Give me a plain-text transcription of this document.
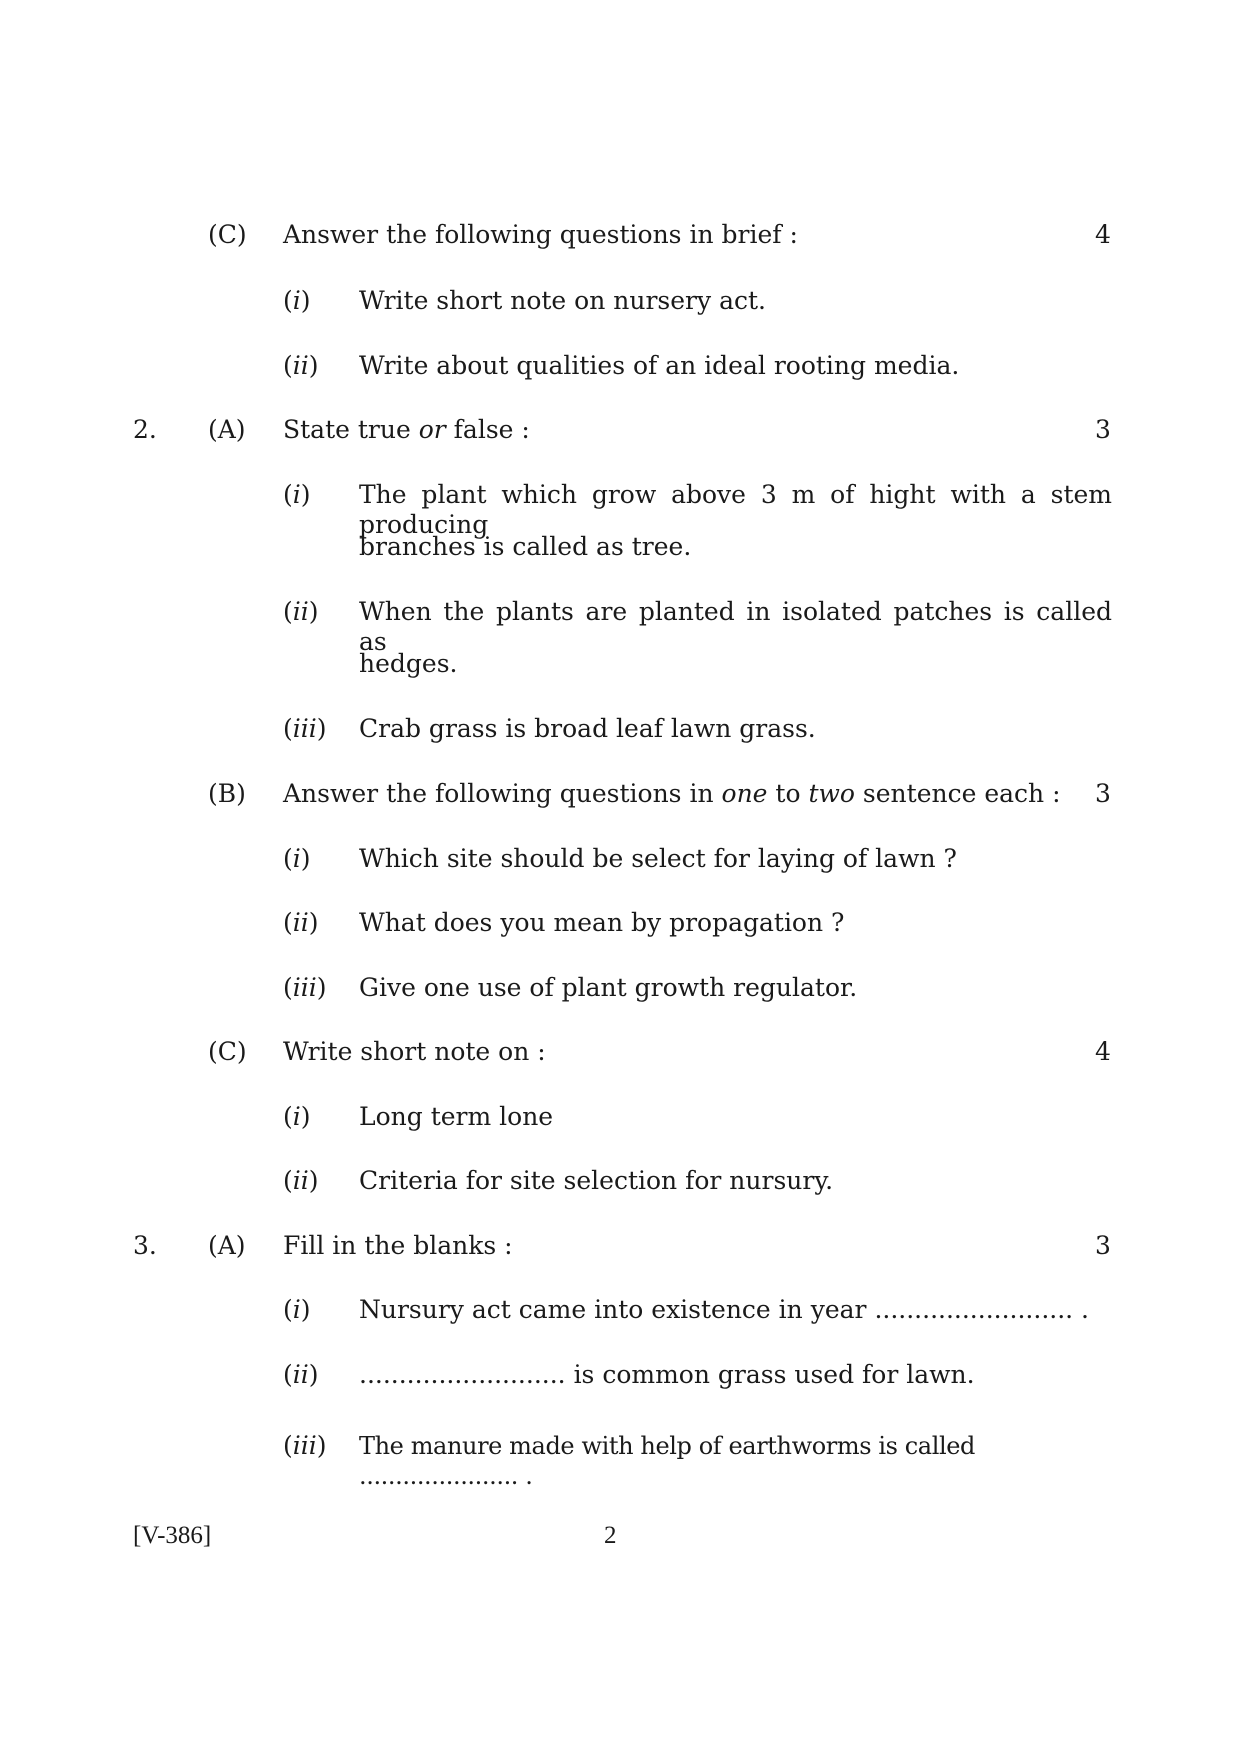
(C) Answer the following questions in brief :	4
(i) Write short note on nursery act.
(ii) Write about qualities of an ideal rooting media.
2. (A) State true or false :	3
(i) The plant which grow above 3 m of hight with a stem producing
branches is called as tree.
(ii) When the plants are planted in isolated patches is called as
hedges.
(iii) Crab grass is broad leaf lawn grass.
(B) Answer the following questions in one to two sentence each : 3
(i) Which site should be select for laying of lawn ?
(ii) What does you mean by propagation ?
(iii) Give one use of plant growth regulator.
(C) Write short note on :	4
(i) Long term lone
(ii) Criteria for site selection for nursury.
3. (A) Fill in the blanks :	3
(i) Nursury act came into existence in year ......................... .
(ii) .......................... is common grass used for lawn.
(iii) The manure made with help of earthworms is called ...................... .
[V-386]	2
